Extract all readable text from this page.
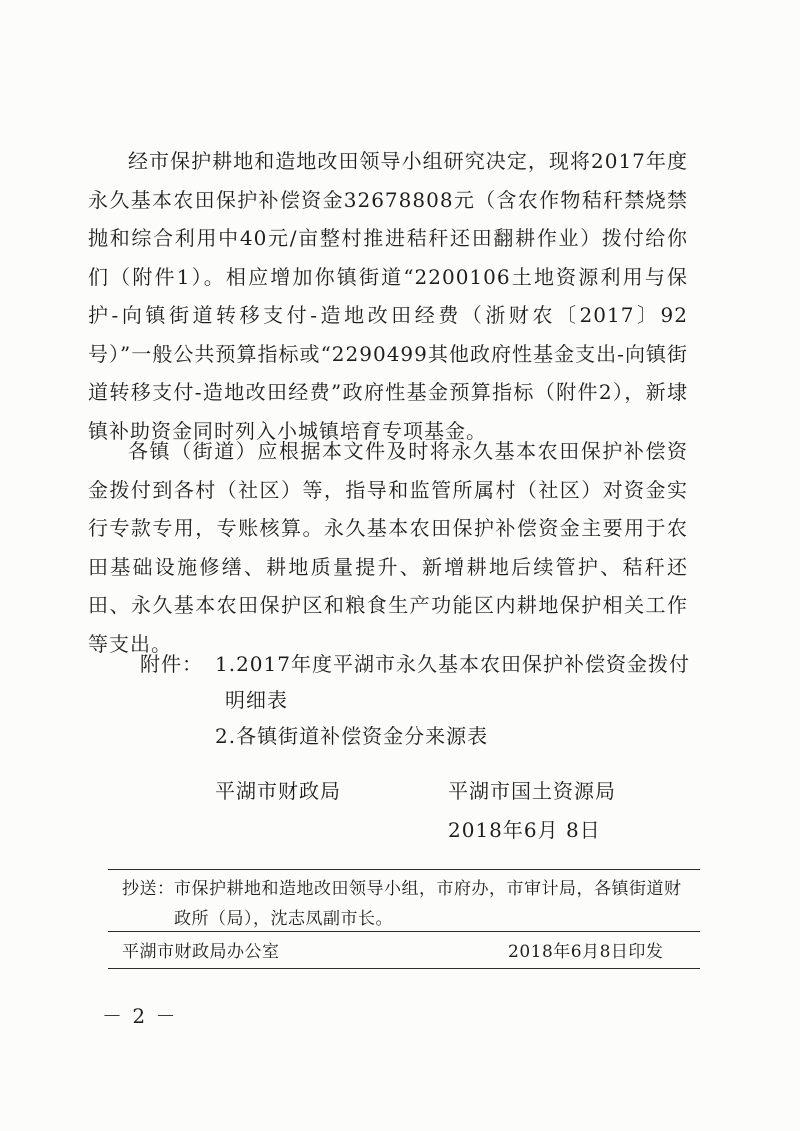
经市保护耕地和造地改田领导小组研究决定，现将2017年度永久基本农田保护补偿资金32678808元（含农作物秸秆禁烧禁抛和综合利用中40元/亩整村推进秸秆还田翻耕作业）拨付给你们（附件1）。相应增加你镇街道“2200106土地资源利用与保护-向镇街道转移支付-造地改田经费（浙财农〔2017〕92号）”一般公共预算指标或“2290499其他政府性基金支出-向镇街道转移支付-造地改田经费”政府性基金预算指标（附件2），新埭镇补助资金同时列入小城镇培育专项基金。

各镇（街道）应根据本文件及时将永久基本农田保护补偿资金拨付到各村（社区）等，指导和监管所属村（社区）对资金实行专款专用，专账核算。永久基本农田保护补偿资金主要用于农田基础设施修缮、耕地质量提升、新增耕地后续管护、秸秆还田、永久基本农田保护区和粮食生产功能区内耕地保护相关工作等支出。

附件： 1.2017年度平湖市永久基本农田保护补偿资金拨付明细表
2.各镇街道补偿资金分来源表
平湖市财政局	平湖市国土资源局
2018年6月 8日
抄送： 市保护耕地和造地改田领导小组，市府办，市审计局，各镇街道财政所（局），沈志凤副市长。
平湖市财政局办公室	2018年6月8日印发
－ 2 －
